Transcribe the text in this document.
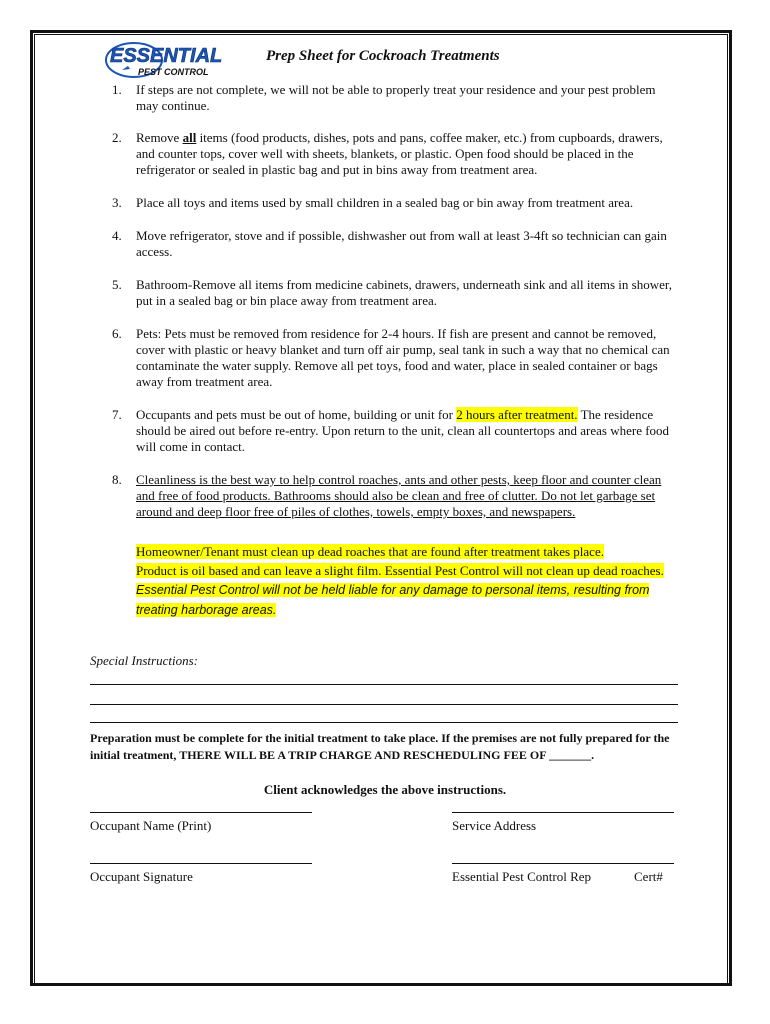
ESSENTIAL
PEST CONTROL
Prep Sheet for Cockroach Treatments
1. If steps are not complete, we will not be able to properly treat your residence and your pest problem may continue.
2. Remove all items (food products, dishes, pots and pans, coffee maker, etc.) from cupboards, drawers, and counter tops, cover well with sheets, blankets, or plastic. Open food should be placed in the refrigerator or sealed in plastic bag and put in bins away from treatment area.
3. Place all toys and items used by small children in a sealed bag or bin away from treatment area.
4. Move refrigerator, stove and if possible, dishwasher out from wall at least 3-4ft so technician can gain access.
5. Bathroom-Remove all items from medicine cabinets, drawers, underneath sink and all items in shower, put in a sealed bag or bin place away from treatment area.
6. Pets: Pets must be removed from residence for 2-4 hours. If fish are present and cannot be removed, cover with plastic or heavy blanket and turn off air pump, seal tank in such a way that no chemical can contaminate the water supply. Remove all pet toys, food and water, place in sealed container or bags away from treatment area.
7. Occupants and pets must be out of home, building or unit for 2 hours after treatment. The residence should be aired out before re-entry. Upon return to the unit, clean all countertops and areas where food will come in contact.
8. Cleanliness is the best way to help control roaches, ants and other pests, keep floor and counter clean and free of food products. Bathrooms should also be clean and free of clutter. Do not let garbage set around and deep floor free of piles of clothes, towels, empty boxes, and newspapers.
Homeowner/Tenant must clean up dead roaches that are found after treatment takes place.
Product is oil based and can leave a slight film. Essential Pest Control will not clean up dead roaches.
Essential Pest Control will not be held liable for any damage to personal items, resulting from treating harborage areas.
Special Instructions:
Preparation must be complete for the initial treatment to take place. If the premises are not fully prepared for the initial treatment, THERE WILL BE A TRIP CHARGE AND RESCHEDULING FEE OF _______.
Client acknowledges the above instructions.
Occupant Name (Print)	Service Address
Occupant Signature	Essential Pest Control Rep	Cert#
